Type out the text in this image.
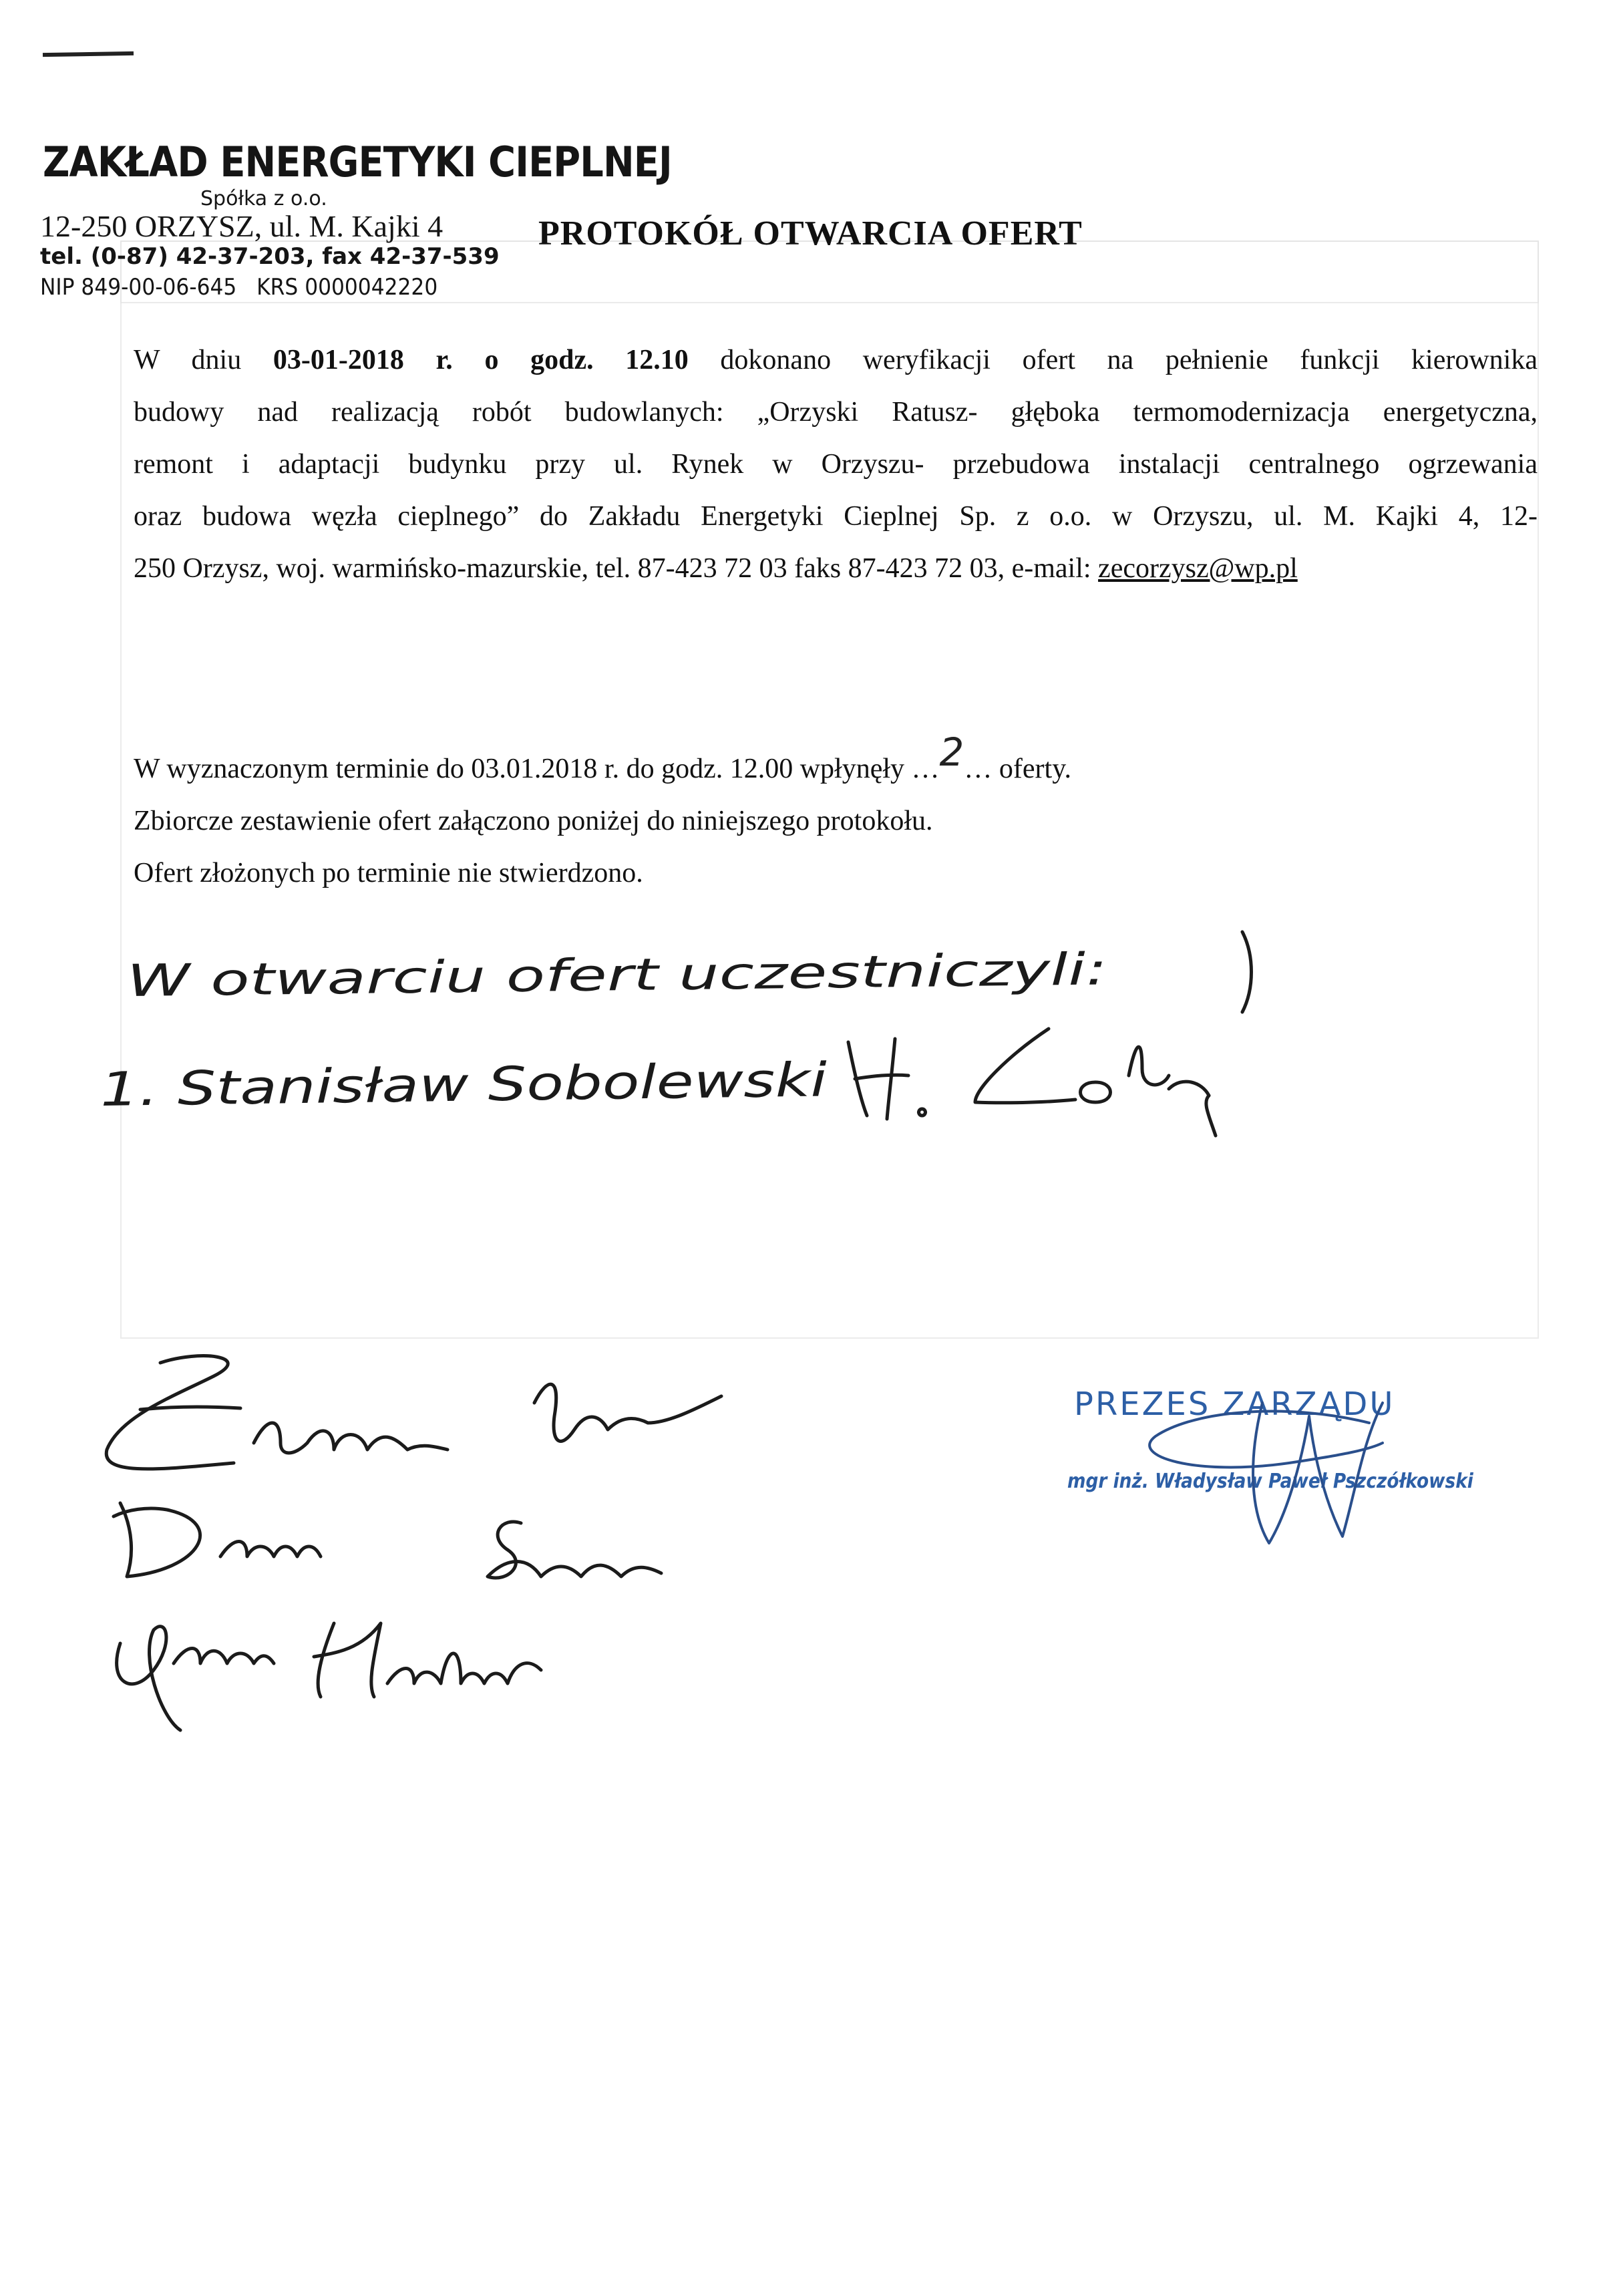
ZAKŁAD ENERGETYKI CIEPLNEJ
Spółka z o.o.
12-250 ORZYSZ, ul. M. Kajki 4
tel. (0-87) 42-37-203, fax 42-37-539
NIP 849-00-06-645 KRS 0000042220
PROTOKÓŁ OTWARCIA OFERT
W dniu 03-01-2018 r. o godz. 12.10 dokonano weryfikacji ofert na pełnienie funkcji kierownika
budowy nad realizacją robót budowlanych: „Orzyski Ratusz- głęboka termomodernizacja energetyczna,
remont i adaptacji budynku przy ul. Rynek w Orzyszu- przebudowa instalacji centralnego ogrzewania
oraz budowa węzła cieplnego” do Zakładu Energetyki Cieplnej Sp. z o.o. w Orzyszu, ul. M. Kajki 4, 12-
250 Orzysz, woj. warmińsko-mazurskie, tel. 87-423 72 03 faks 87-423 72 03, e-mail: zecorzysz@wp.pl
W wyznaczonym terminie do 03.01.2018 r. do godz. 12.00 wpłynęły …2… oferty.
Zbiorcze zestawienie ofert załączono poniżej do niniejszego protokołu.
Ofert złożonych po terminie nie stwierdzono.
W otwarciu ofert uczestniczyli:
1. Stanisław Sobolewski
PREZES ZARZĄDU
mgr inż. Władysław Paweł Pszczółkowski
